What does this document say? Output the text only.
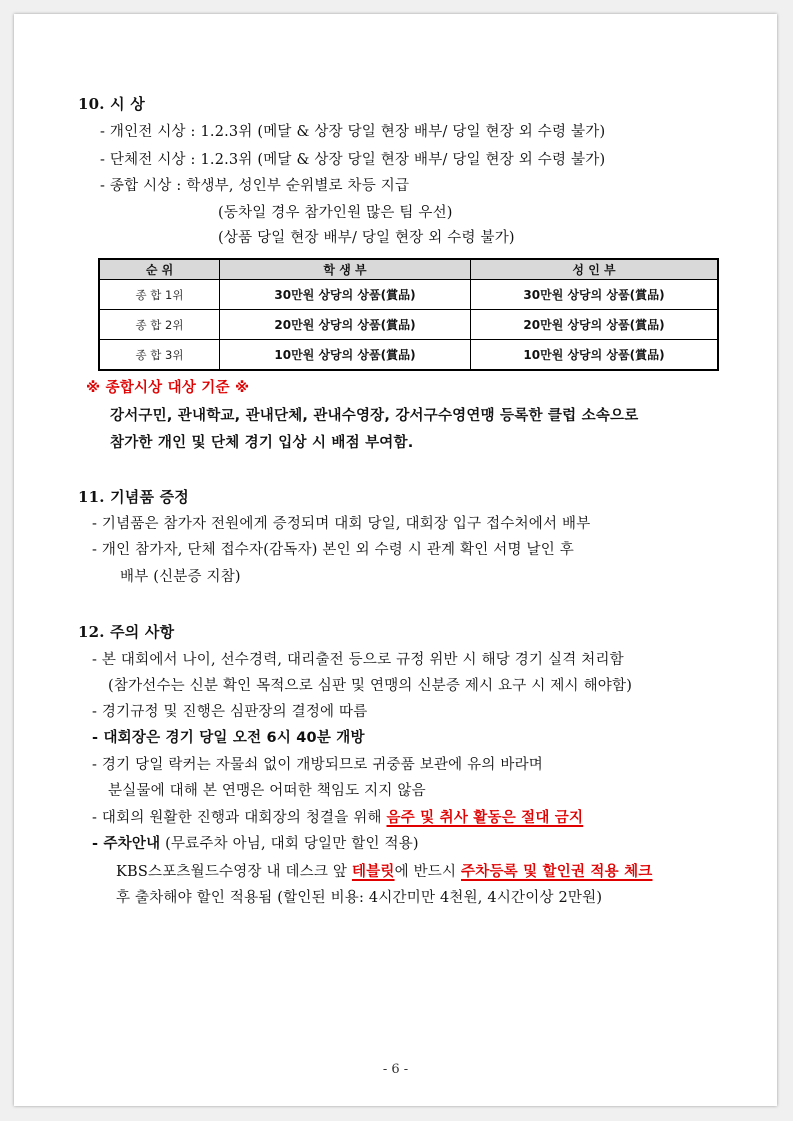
10. 시 상
- 개인전 시상 : 1.2.3위 (메달 & 상장 당일 현장 배부/ 당일 현장 외 수령 불가)
- 단체전 시상 : 1.2.3위 (메달 & 상장 당일 현장 배부/ 당일 현장 외 수령 불가)
- 종합 시상 : 학생부, 성인부 순위별로 차등 지급
(동차일 경우 참가인원 많은 팀 우선)
(상품 당일 현장 배부/ 당일 현장 외 수령 불가)
순 위	학 생 부	성 인 부
종 합 1위	30만원 상당의 상품(賞品)	30만원 상당의 상품(賞品)
종 합 2위	20만원 상당의 상품(賞品)	20만원 상당의 상품(賞品)
종 합 3위	10만원 상당의 상품(賞品)	10만원 상당의 상품(賞品)
※ 종합시상 대상 기준 ※
강서구민, 관내학교, 관내단체, 관내수영장, 강서구수영연맹 등록한 클럽 소속으로
참가한 개인 및 단체 경기 입상 시 배점 부여함.
11. 기념품 증정
- 기념품은 참가자 전원에게 증정되며 대회 당일, 대회장 입구 접수처에서 배부
- 개인 참가자, 단체 접수자(감독자) 본인 외 수령 시 관계 확인 서명 날인 후
배부 (신분증 지참)
12. 주의 사항
- 본 대회에서 나이, 선수경력, 대리출전 등으로 규정 위반 시 해당 경기 실격 처리함
(참가선수는 신분 확인 목적으로 심판 및 연맹의 신분증 제시 요구 시 제시 해야함)
- 경기규정 및 진행은 심판장의 결정에 따름
- 대회장은 경기 당일 오전 6시 40분 개방
- 경기 당일 락커는 자물쇠 없이 개방되므로 귀중품 보관에 유의 바라며
분실물에 대해 본 연맹은 어떠한 책임도 지지 않음
- 대회의 원활한 진행과 대회장의 청결을 위해 음주 및 취사 활동은 절대 금지
- 주차안내 (무료주차 아님, 대회 당일만 할인 적용)
KBS스포츠월드수영장 내 데스크 앞 테블릿에 반드시 주차등록 및 할인권 적용 체크
후 출차해야 할인 적용됨 (할인된 비용: 4시간미만 4천원, 4시간이상 2만원)
- 6 -
